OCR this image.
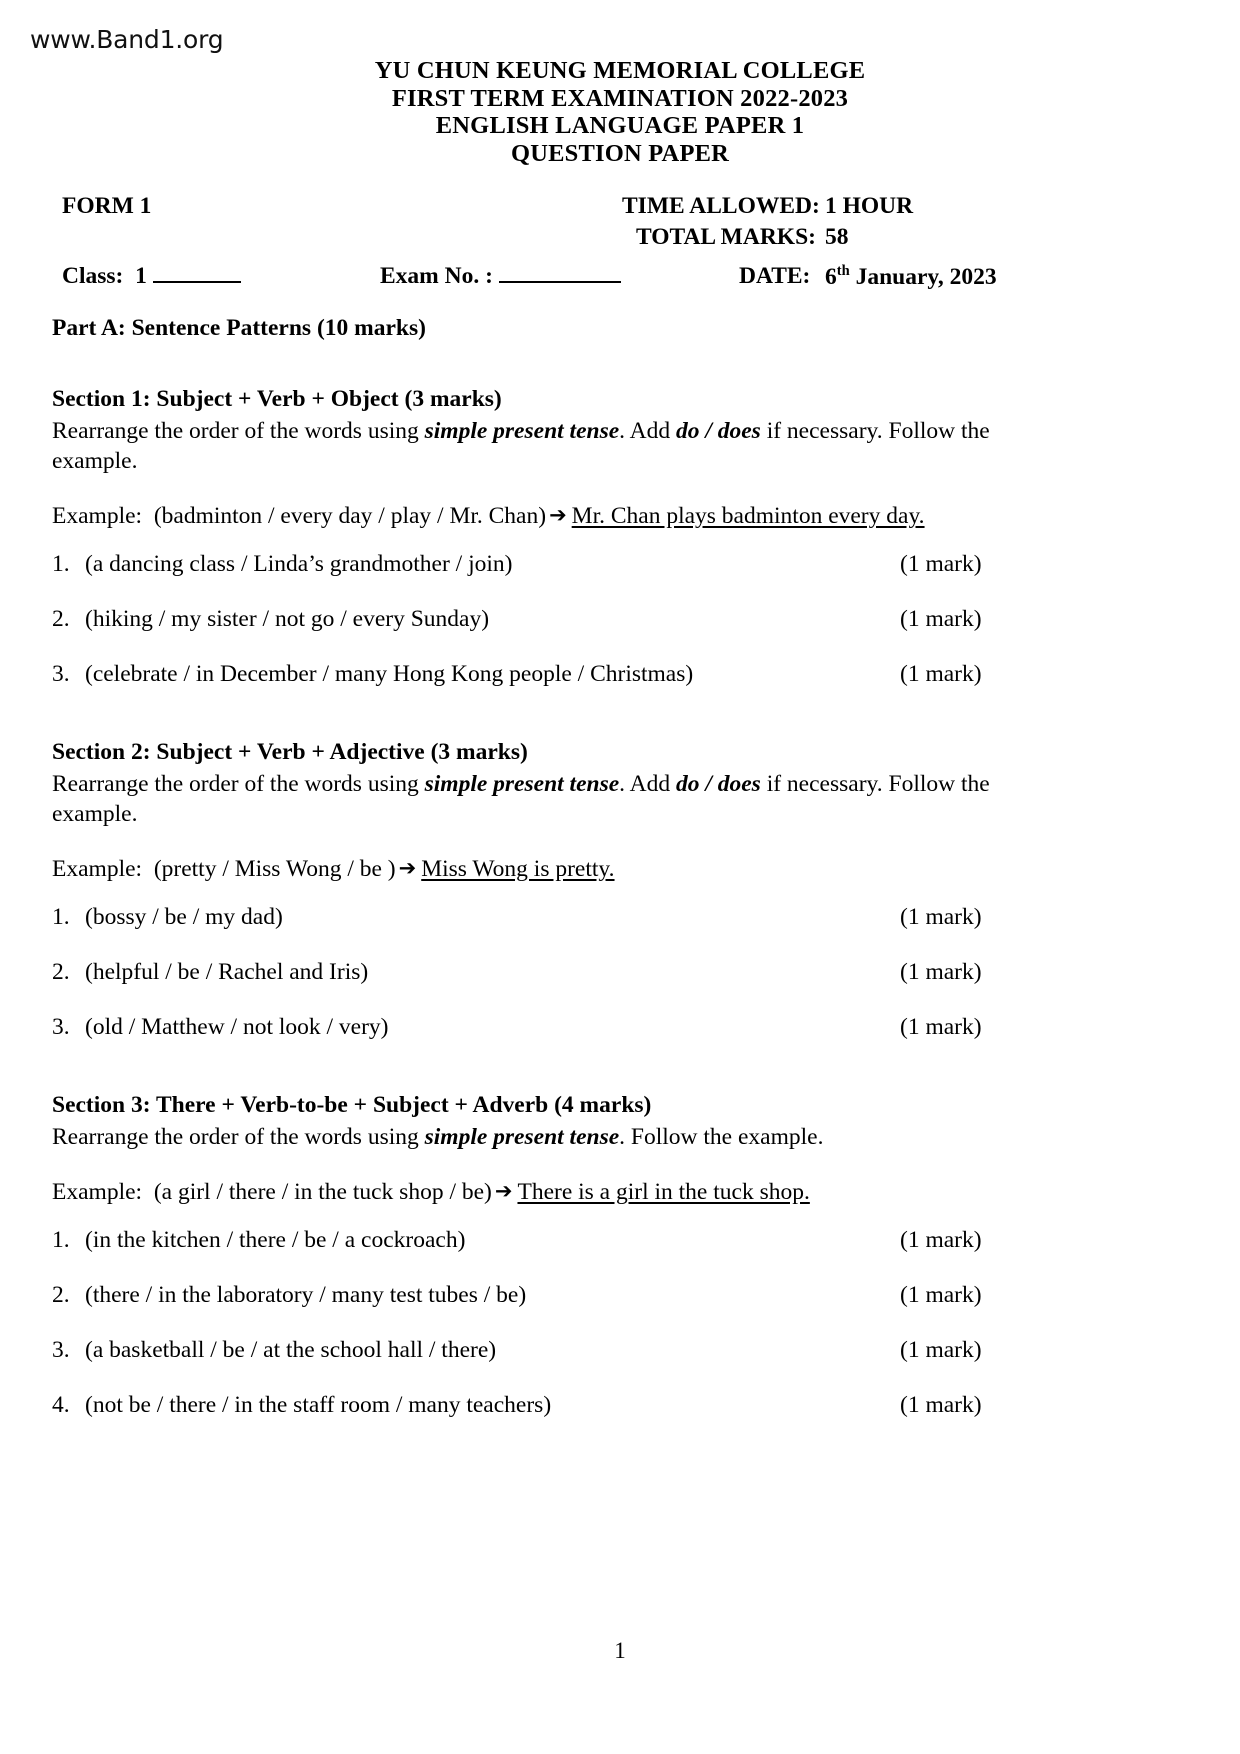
www.Band1.org
YU CHUN KEUNG MEMORIAL COLLEGE
FIRST TERM EXAMINATION 2022-2023
ENGLISH LANGUAGE PAPER 1
QUESTION PAPER
FORM 1	TIME ALLOWED: 1 HOUR
TOTAL MARKS: 58
Class: 1	Exam No. :	DATE: 6th January, 2023
Part A: Sentence Patterns (10 marks)
Section 1: Subject + Verb + Object (3 marks)

Rearrange the order of the words using simple present tense. Add do / does if necessary. Follow the example.

Example: (badminton / every day / play / Mr. Chan) ➔ Mr. Chan plays badminton every day.
1. (a dancing class / Linda’s grandmother / join)	(1 mark)
2. (hiking / my sister / not go / every Sunday)	(1 mark)
3. (celebrate / in December / many Hong Kong people / Christmas)	(1 mark)
Section 2: Subject + Verb + Adjective (3 marks)

Rearrange the order of the words using simple present tense. Add do / does if necessary. Follow the example.

Example: (pretty / Miss Wong / be ) ➔ Miss Wong is pretty.
1. (bossy / be / my dad)	(1 mark)
2. (helpful / be / Rachel and Iris)	(1 mark)
3. (old / Matthew / not look / very)	(1 mark)
Section 3: There + Verb-to-be + Subject + Adverb (4 marks)

Rearrange the order of the words using simple present tense. Follow the example.

Example: (a girl / there / in the tuck shop / be) ➔ There is a girl in the tuck shop.
1. (in the kitchen / there / be / a cockroach)	(1 mark)
2. (there / in the laboratory / many test tubes / be)	(1 mark)
3. (a basketball / be / at the school hall / there)	(1 mark)
4. (not be / there / in the staff room / many teachers)	(1 mark)
1
